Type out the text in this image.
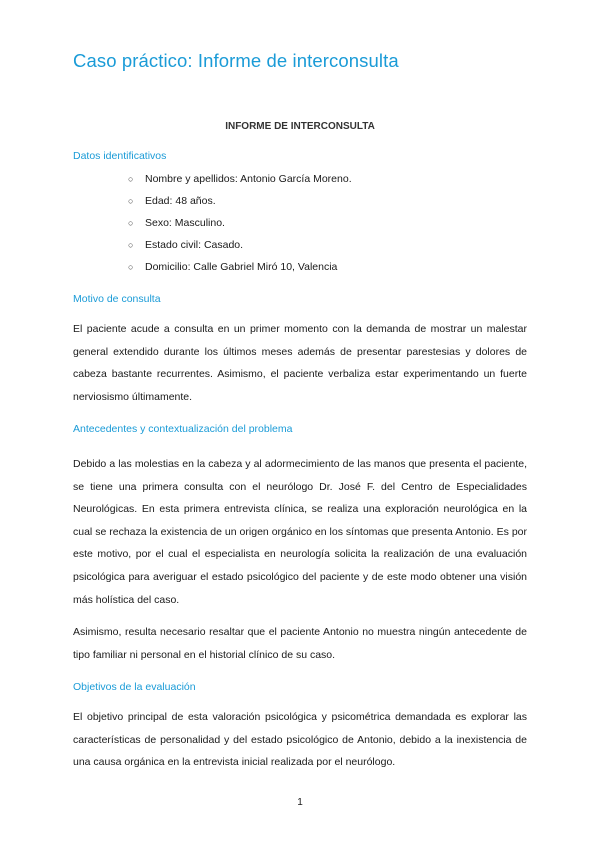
Caso práctico: Informe de interconsulta
INFORME DE INTERCONSULTA
Datos identificativos
○ Nombre y apellidos: Antonio García Moreno.
○ Edad: 48 años.
○ Sexo: Masculino.
○ Estado civil: Casado.
○ Domicilio: Calle Gabriel Miró 10, Valencia
Motivo de consulta

El paciente acude a consulta en un primer momento con la demanda de mostrar un malestar general extendido durante los últimos meses además de presentar parestesias y dolores de cabeza bastante recurrentes. Asimismo, el paciente verbaliza estar experimentando un fuerte nerviosismo últimamente.

Antecedentes y contextualización del problema

Debido a las molestias en la cabeza y al adormecimiento de las manos que presenta el paciente, se tiene una primera consulta con el neurólogo Dr. José F. del Centro de Especialidades Neurológicas. En esta primera entrevista clínica, se realiza una exploración neurológica en la cual se rechaza la existencia de un origen orgánico en los síntomas que presenta Antonio. Es por este motivo, por el cual el especialista en neurología solicita la realización de una evaluación psicológica para averiguar el estado psicológico del paciente y de este modo obtener una visión más holística del caso.

Asimismo, resulta necesario resaltar que el paciente Antonio no muestra ningún antecedente de tipo familiar ni personal en el historial clínico de su caso.

Objetivos de la evaluación

El objetivo principal de esta valoración psicológica y psicométrica demandada es explorar las características de personalidad y del estado psicológico de Antonio, debido a la inexistencia de una causa orgánica en la entrevista inicial realizada por el neurólogo.

1
